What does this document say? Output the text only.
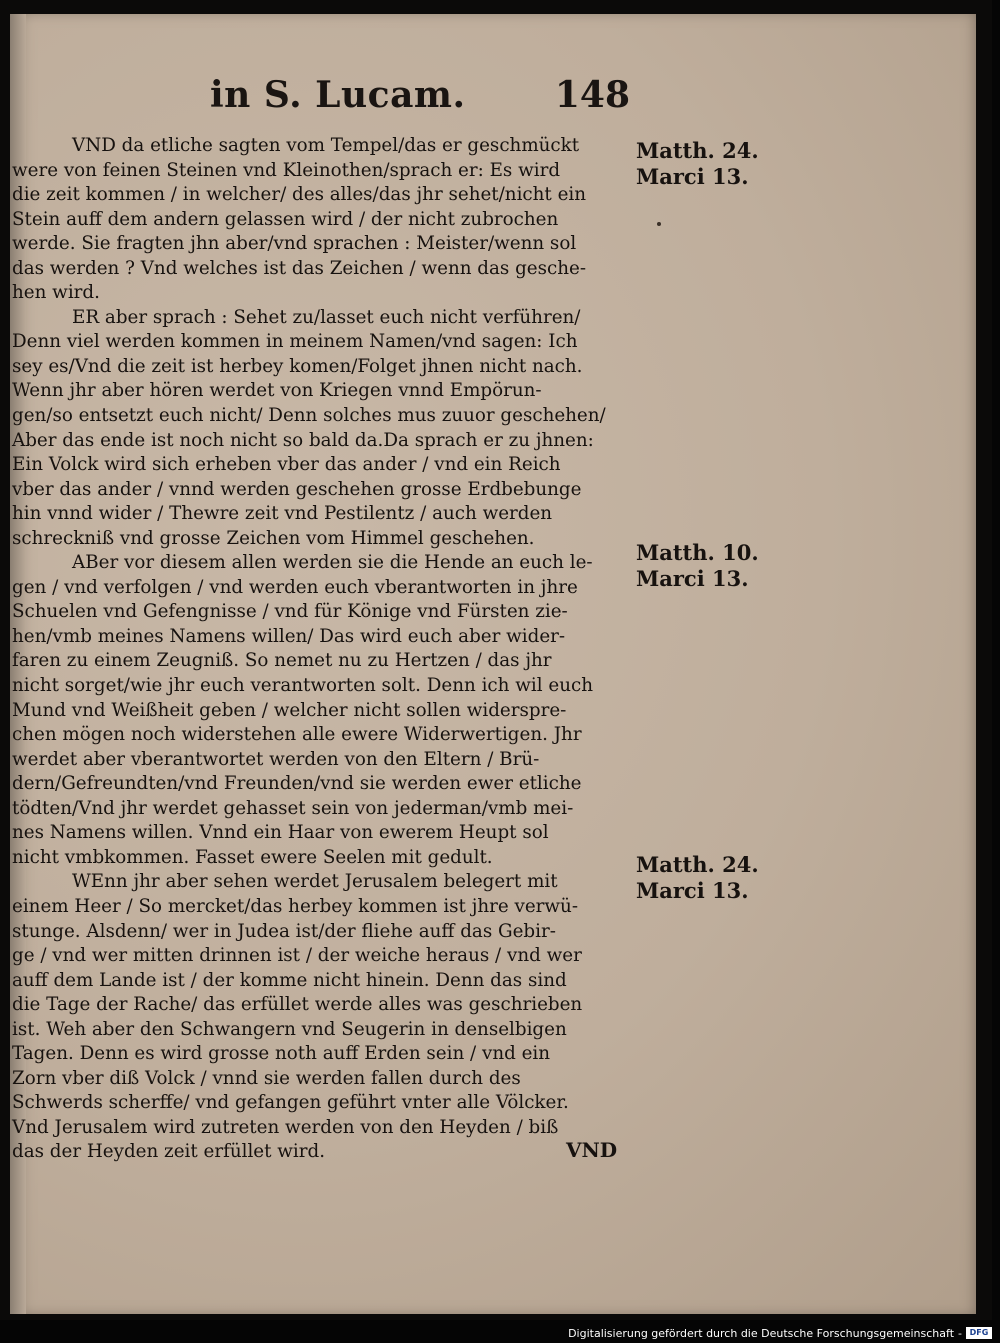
in S. Lucam. 148
VND da etliche sagten vom Tempel/das er geschmückt
were von feinen Steinen vnd Kleinothen/sprach er: Es wird
die zeit kommen / in welcher/ des alles/das jhr sehet/nicht ein
Stein auff dem andern gelassen wird / der nicht zubrochen
werde. Sie fragten jhn aber/vnd sprachen : Meister/wenn sol
das werden ? Vnd welches ist das Zeichen / wenn das gesche-
hen wird.
ER aber sprach : Sehet zu/lasset euch nicht verführen/
Denn viel werden kommen in meinem Namen/vnd sagen: Ich
sey es/Vnd die zeit ist herbey komen/Folget jhnen nicht nach.
Wenn jhr aber hören werdet von Kriegen vnnd Empörun-
gen/so entsetzt euch nicht/ Denn solches mus zuuor geschehen/
Aber das ende ist noch nicht so bald da.Da sprach er zu jhnen:
Ein Volck wird sich erheben vber das ander / vnd ein Reich
vber das ander / vnnd werden geschehen grosse Erdbebunge
hin vnnd wider / Thewre zeit vnd Pestilentz / auch werden
schreckniß vnd grosse Zeichen vom Himmel geschehen.
ABer vor diesem allen werden sie die Hende an euch le-
gen / vnd verfolgen / vnd werden euch vberantworten in jhre
Schuelen vnd Gefengnisse / vnd für Könige vnd Fürsten zie-
hen/vmb meines Namens willen/ Das wird euch aber wider-
faren zu einem Zeugniß. So nemet nu zu Hertzen / das jhr
nicht sorget/wie jhr euch verantworten solt. Denn ich wil euch
Mund vnd Weißheit geben / welcher nicht sollen widerspre-
chen mögen noch widerstehen alle ewere Widerwertigen. Jhr
werdet aber vberantwortet werden von den Eltern / Brü-
dern/Gefreundten/vnd Freunden/vnd sie werden ewer etliche
tödten/Vnd jhr werdet gehasset sein von jederman/vmb mei-
nes Namens willen. Vnnd ein Haar von ewerem Heupt sol
nicht vmbkommen. Fasset ewere Seelen mit gedult.
WEnn jhr aber sehen werdet Jerusalem belegert mit
einem Heer / So mercket/das herbey kommen ist jhre verwü-
stunge. Alsdenn/ wer in Judea ist/der fliehe auff das Gebir-
ge / vnd wer mitten drinnen ist / der weiche heraus / vnd wer
auff dem Lande ist / der komme nicht hinein. Denn das sind
die Tage der Rache/ das erfüllet werde alles was geschrieben
ist. Weh aber den Schwangern vnd Seugerin in denselbigen
Tagen. Denn es wird grosse noth auff Erden sein / vnd ein
Zorn vber diß Volck / vnnd sie werden fallen durch des
Schwerds scherffe/ vnd gefangen geführt vnter alle Völcker.
Vnd Jerusalem wird zutreten werden von den Heyden / biß
das der Heyden zeit erfüllet wird.
Matth. 24.
Marci 13.
Matth. 10.
Marci 13.
Matth. 24.
Marci 13.
VND
Digitalisierung gefördert durch die Deutsche Forschungsgemeinschaft - DFG
